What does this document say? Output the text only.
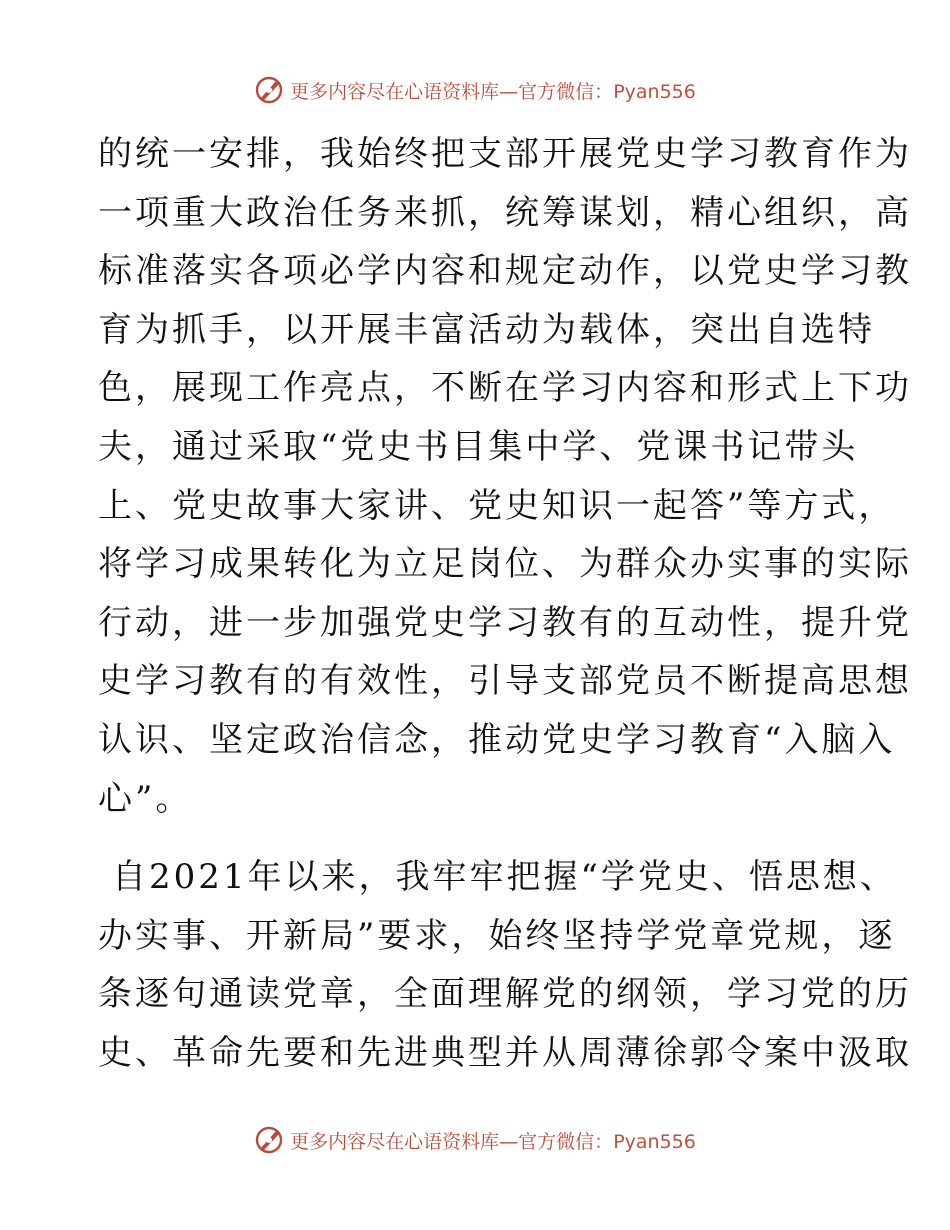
更多内容尽在心语资料库—官方微信：Pyan556
的统一安排，我始终把支部开展党史学习教育作为
一项重大政治任务来抓，统筹谋划，精心组织，高
标准落实各项必学内容和规定动作，以党史学习教
育为抓手，以开展丰富活动为载体，突出自选特
色，展现工作亮点，不断在学习内容和形式上下功
夫，通过采取“党史书目集中学、党课书记带头
上、党史故事大家讲、党史知识一起答”等方式，
将学习成果转化为立足岗位、为群众办实事的实际
行动，进一步加强党史学习教有的互动性，提升党
史学习教有的有效性，引导支部党员不断提高思想
认识、坚定政治信念，推动党史学习教育“入脑入
心”。
自2021年以来，我牢牢把握“学党史、悟思想、
办实事、开新局”要求，始终坚持学党章党规，逐
条逐句通读党章，全面理解党的纲领，学习党的历
史、革命先要和先进典型并从周薄徐郭令案中汲取
更多内容尽在心语资料库—官方微信：Pyan556
